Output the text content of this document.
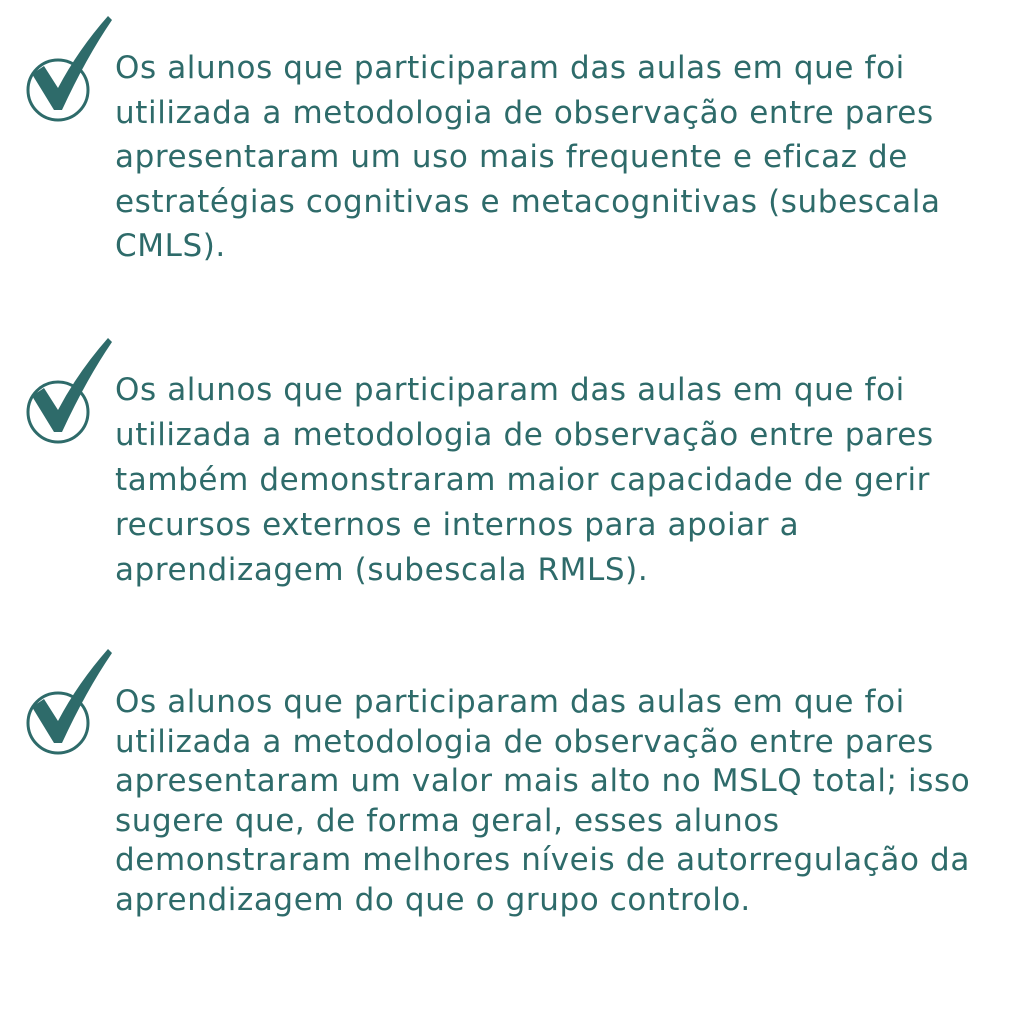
Os alunos que participaram das aulas em que foi utilizada a metodologia de observação entre pares apresentaram um uso mais frequente e eficaz de estratégias cognitivas e metacognitivas (subescala CMLS).

Os alunos que participaram das aulas em que foi utilizada a metodologia de observação entre pares também demonstraram maior capacidade de gerir recursos externos e internos para apoiar a aprendizagem (subescala RMLS).

Os alunos que participaram das aulas em que foi utilizada a metodologia de observação entre pares apresentaram um valor mais alto no MSLQ total; isso sugere que, de forma geral, esses alunos demonstraram melhores níveis de autorregulação da aprendizagem do que o grupo controlo.
